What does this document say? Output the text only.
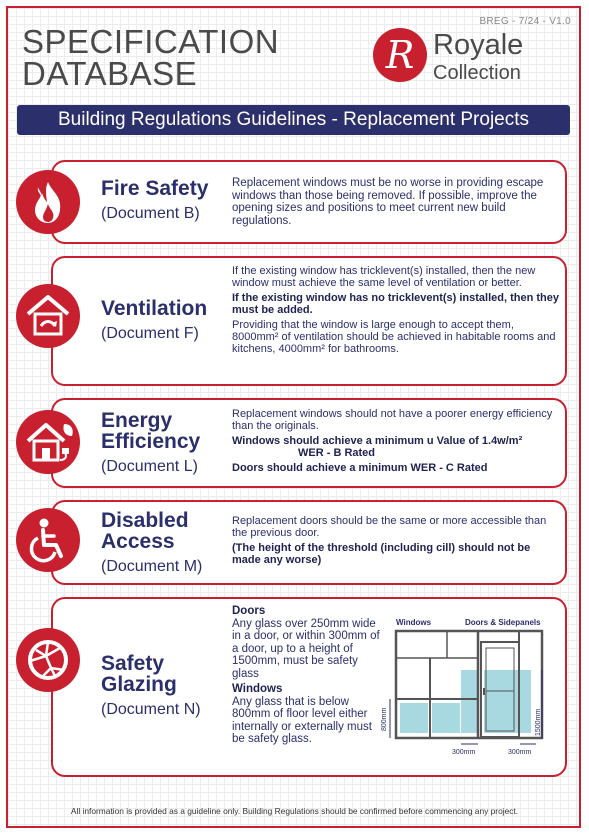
BREG - 7/24 - V1.0
SPECIFICATION
DATABASE	R Royale
Collection
Building Regulations Guidelines - Replacement Projects
Fire Safety
(Document B)

Replacement windows must be no worse in providing escape windows than those being removed. If possible, improve the opening sizes and positions to meet current new build regulations.

Ventilation
(Document F)

If the existing window has tricklevent(s) installed, then the new window must achieve the same level of ventilation or better.

If the existing window has no tricklevent(s) installed, then they must be added.

Providing that the window is large enough to accept them, 8000mm² of ventilation should be achieved in habitable rooms and kitchens, 4000mm² for bathrooms.

Energy
Efficiency
(Document L)

Replacement windows should not have a poorer energy efficiency than the originals.

Windows should achieve a minimum u Value of 1.4w/m²

WER - B Rated

Doors should achieve a minimum WER - C Rated

Disabled
Access
(Document M)

Replacement doors should be the same or more accessible than the previous door.

(The height of the threshold (including cill) should not be made any worse)

Safety
Glazing
(Document N)
Doors

Any glass over 250mm wide in a door, or within 300mm of a door, up to a height of 1500mm, must be safety glass

Windows

Any glass that is below 800mm of floor level either internally or externally must be safety glass.

Windows	Doors & Sidepanels
800mm	1500mm
300mm	300mm
All information is provided as a guideline only. Building Regulations should be confirmed before commencing any project.
